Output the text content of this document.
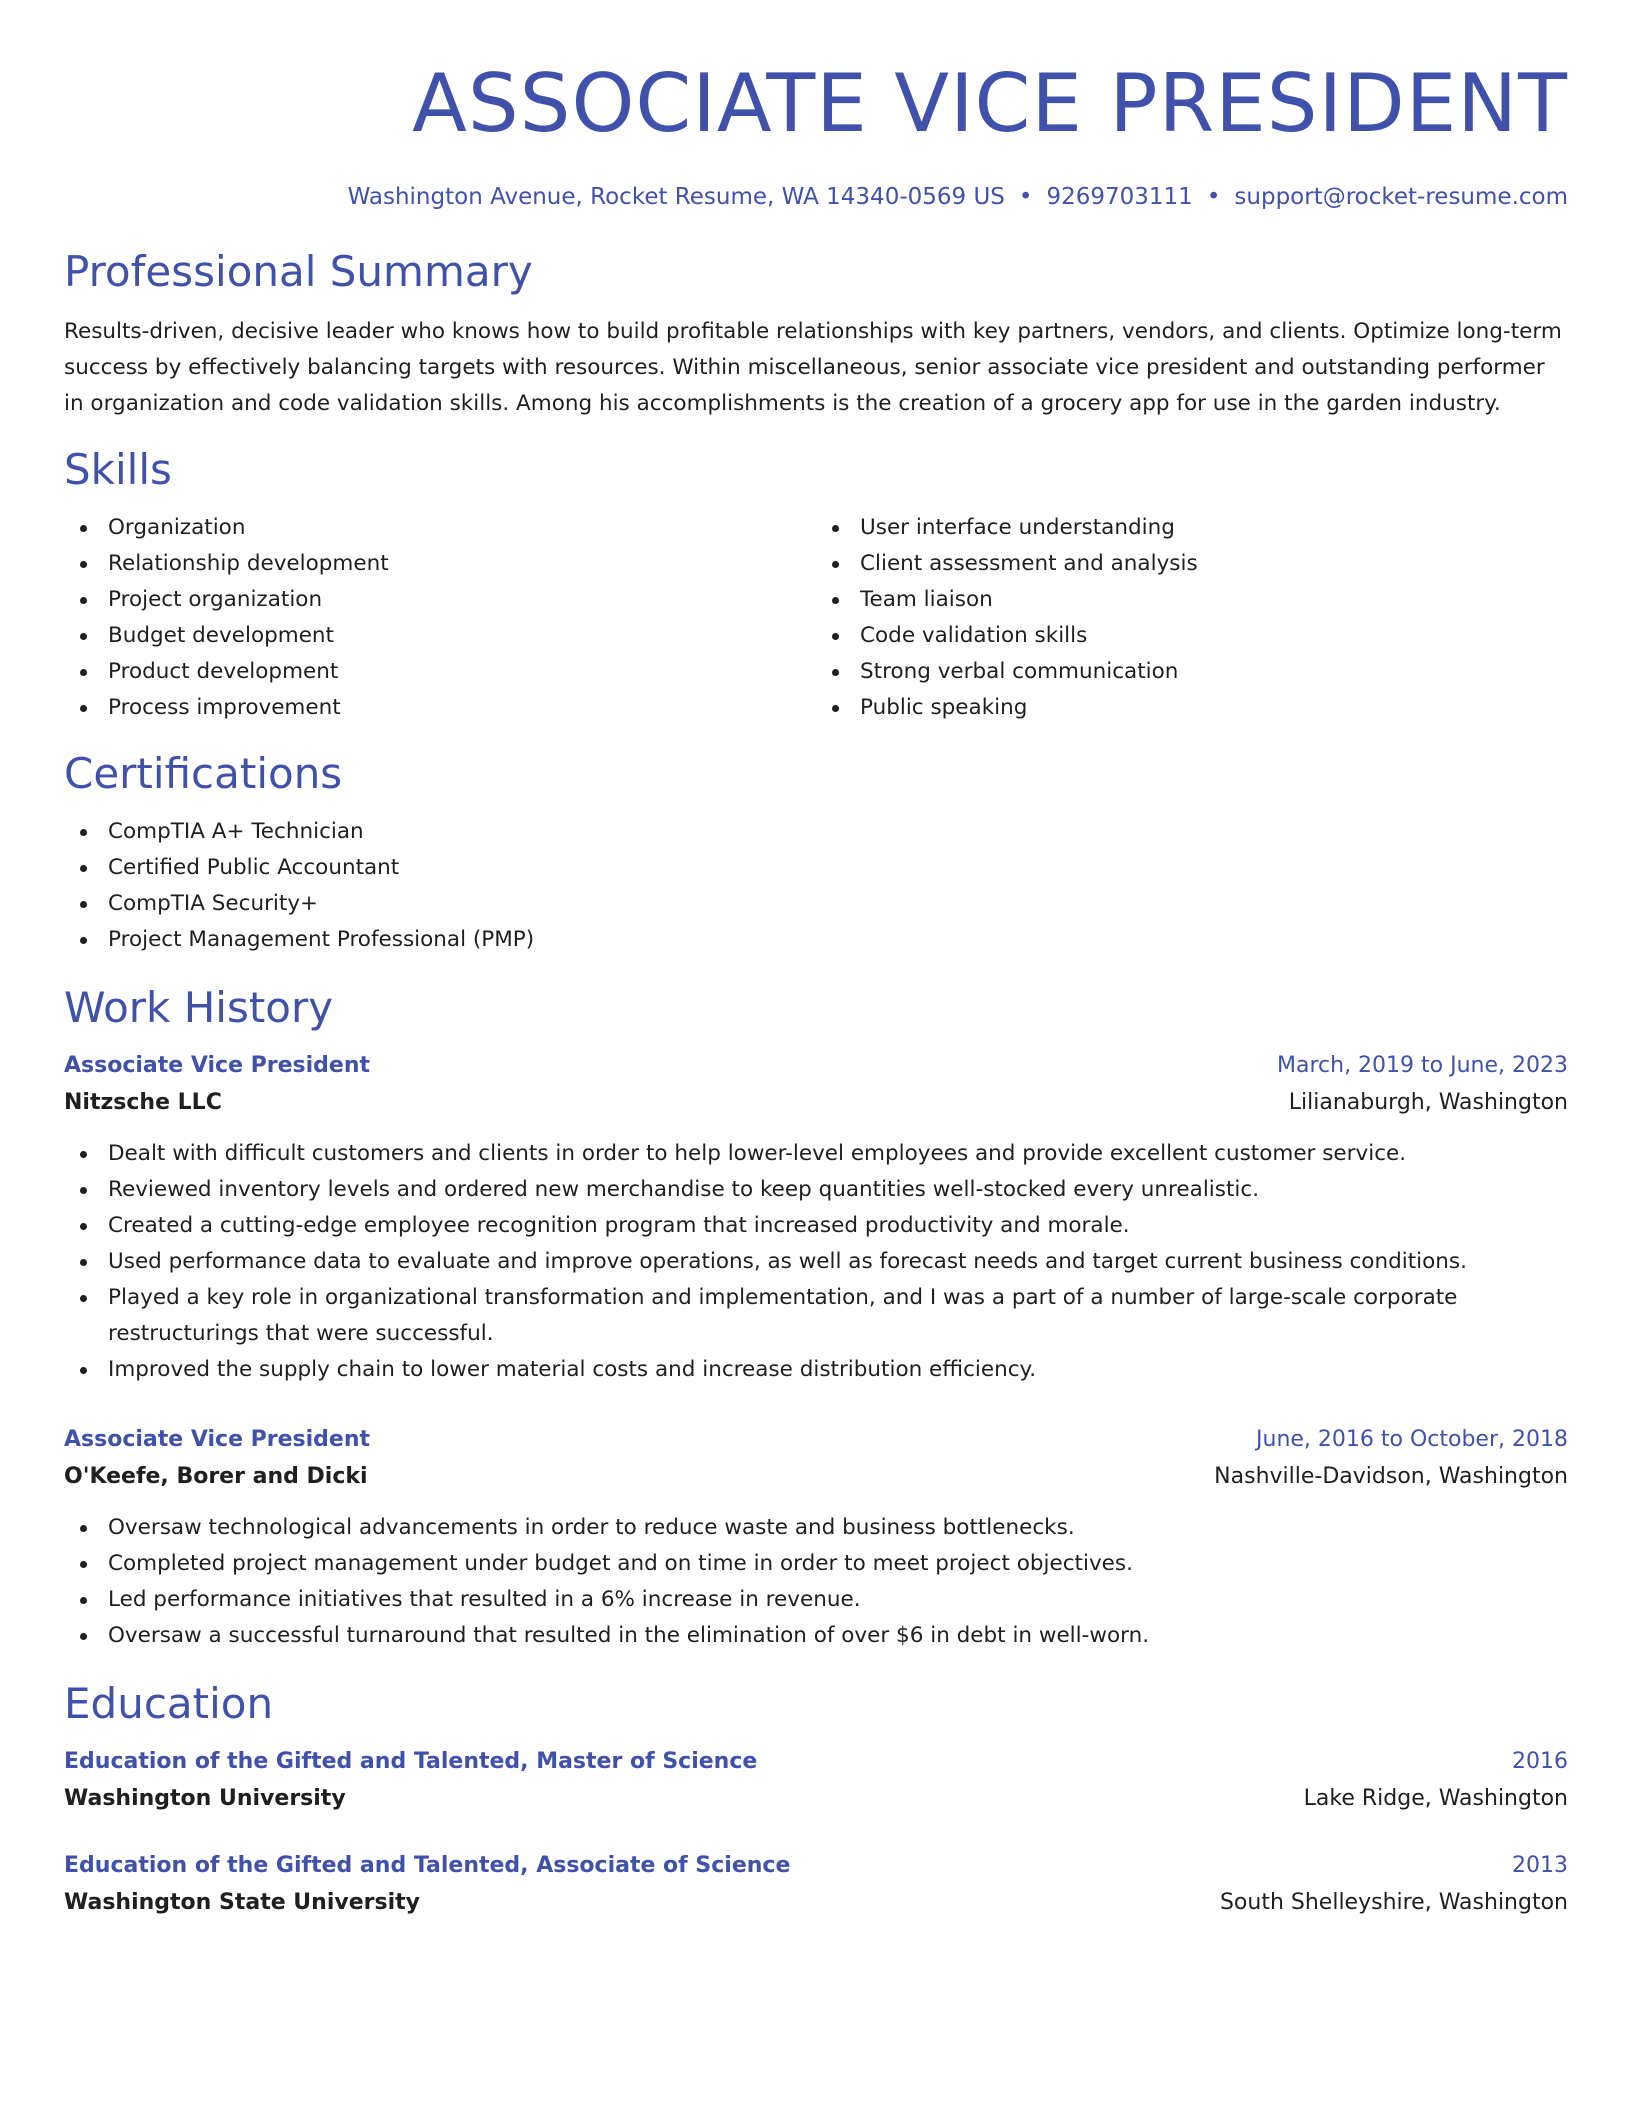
ASSOCIATE VICE PRESIDENT
Washington Avenue, Rocket Resume, WA 14340-0569 US • 9269703111 • support@rocket-resume.com
Professional Summary

Results-driven, decisive leader who knows how to build profitable relationships with key partners, vendors, and clients. Optimize long-term success by effectively balancing targets with resources. Within miscellaneous, senior associate vice president and outstanding performer in organization and code validation skills. Among his accomplishments is the creation of a grocery app for use in the garden industry.

Skills
Organization
Relationship development
Project organization
Budget development
Product development
Process improvement
User interface understanding
Client assessment and analysis
Team liaison
Code validation skills
Strong verbal communication
Public speaking
Certifications
CompTIA A+ Technician
Certified Public Accountant
CompTIA Security+
Project Management Professional (PMP)
Work History
Associate Vice President	March, 2019 to June, 2023
Nitzsche LLC	Lilianaburgh, Washington
Dealt with difficult customers and clients in order to help lower-level employees and provide excellent customer service.
Reviewed inventory levels and ordered new merchandise to keep quantities well-stocked every unrealistic.
Created a cutting-edge employee recognition program that increased productivity and morale.
Used performance data to evaluate and improve operations, as well as forecast needs and target current business conditions.
Played a key role in organizational transformation and implementation, and I was a part of a number of large-scale corporate restructurings that were successful.
Improved the supply chain to lower material costs and increase distribution efficiency.
Associate Vice President	June, 2016 to October, 2018
O'Keefe, Borer and Dicki	Nashville-Davidson, Washington
Oversaw technological advancements in order to reduce waste and business bottlenecks.
Completed project management under budget and on time in order to meet project objectives.
Led performance initiatives that resulted in a 6% increase in revenue.
Oversaw a successful turnaround that resulted in the elimination of over $6 in debt in well-worn.
Education
Education of the Gifted and Talented, Master of Science	2016
Washington University	Lake Ridge, Washington
Education of the Gifted and Talented, Associate of Science	2013
Washington State University	South Shelleyshire, Washington
